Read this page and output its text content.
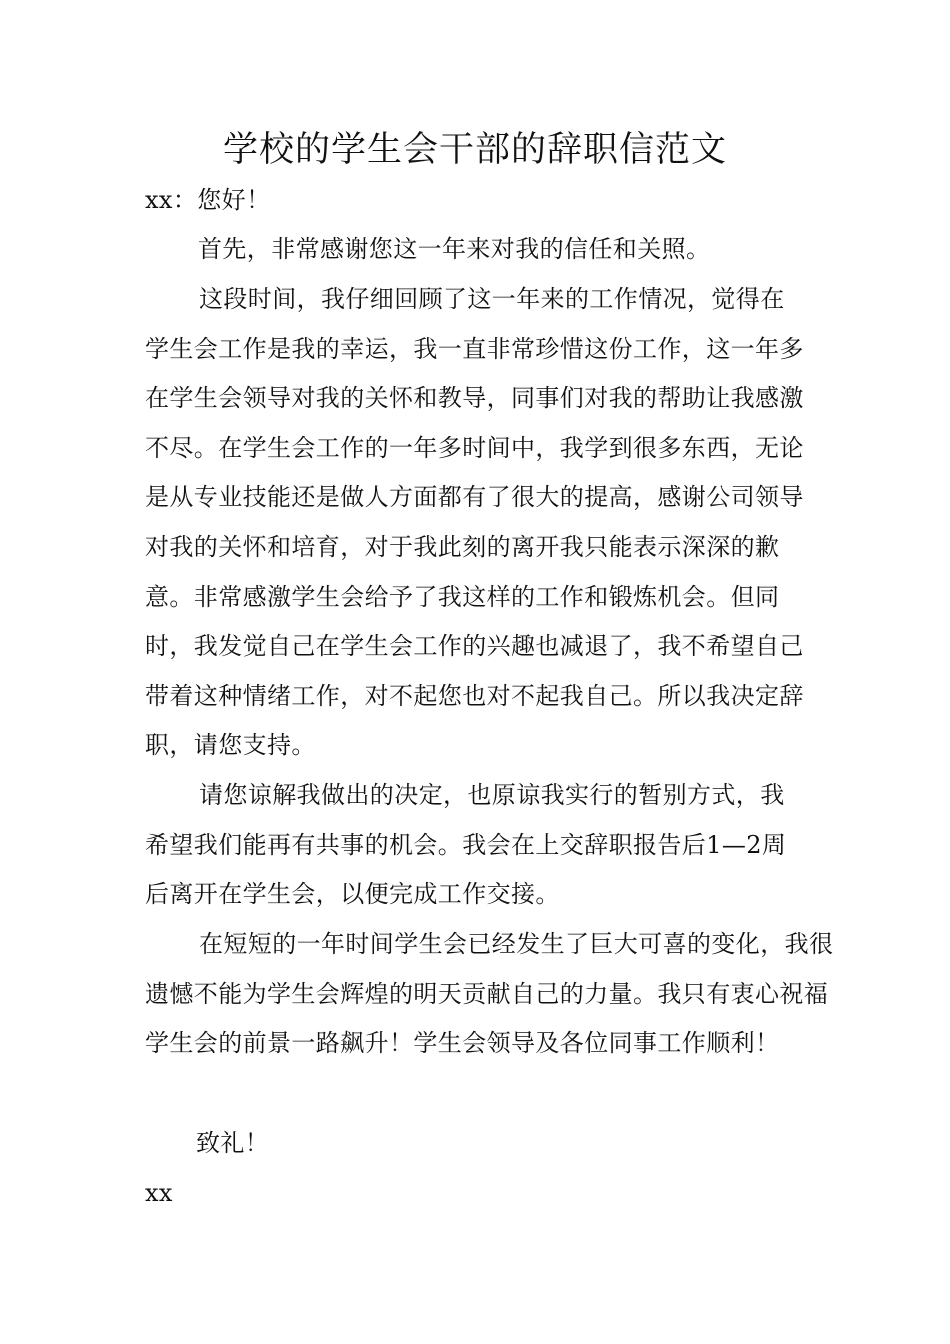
学校的学生会干部的辞职信范文

xx：您好！

首先，非常感谢您这一年来对我的信任和关照。

这段时间，我仔细回顾了这一年来的工作情况，觉得在学生会工作是我的幸运，我一直非常珍惜这份工作，这一年多在学生会领导对我的关怀和教导，同事们对我的帮助让我感激不尽。在学生会工作的一年多时间中，我学到很多东西，无论是从专业技能还是做人方面都有了很大的提高，感谢公司领导对我的关怀和培育，对于我此刻的离开我只能表示深深的歉意。非常感激学生会给予了我这样的工作和锻炼机会。但同时，我发觉自己在学生会工作的兴趣也减退了，我不希望自己带着这种情绪工作，对不起您也对不起我自己。所以我决定辞职，请您支持。

请您谅解我做出的决定，也原谅我实行的暂别方式，我希望我们能再有共事的机会。我会在上交辞职报告后1—2周后离开在学生会，以便完成工作交接。

在短短的一年时间学生会已经发生了巨大可喜的变化，我很遗憾不能为学生会辉煌的明天贡献自己的力量。我只有衷心祝福学生会的前景一路飙升！学生会领导及各位同事工作顺利！

致礼！

xx
